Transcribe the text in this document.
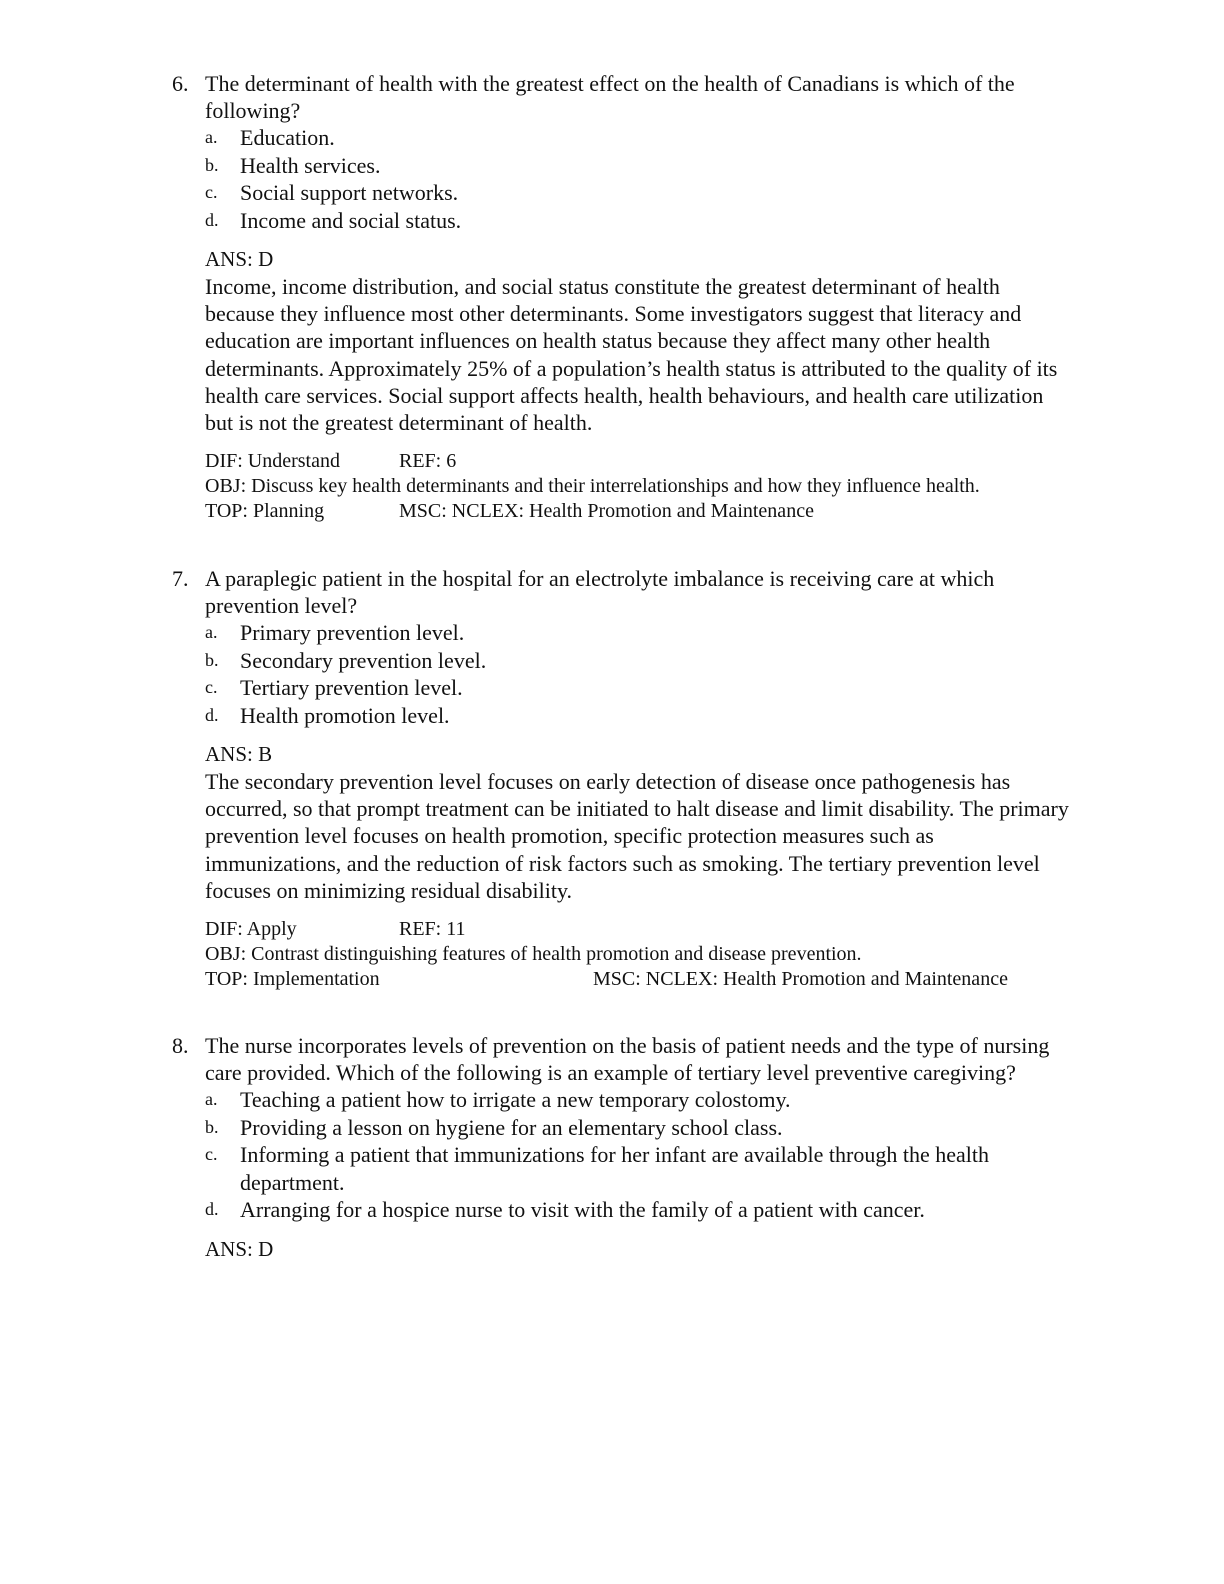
6. The determinant of health with the greatest effect on the health of Canadians is which of the following?

a. Education.
b. Health services.
c. Social support networks.
d. Income and social status.
ANS: D

Income, income distribution, and social status constitute the greatest determinant of health because they influence most other determinants. Some investigators suggest that literacy and education are important influences on health status because they affect many other health determinants. Approximately 25% of a population’s health status is attributed to the quality of its health care services. Social support affects health, health behaviours, and health care utilization but is not the greatest determinant of health.

DIF: Understand	REF: 6
OBJ: Discuss key health determinants and their interrelationships and how they influence health.
TOP: Planning	MSC: NCLEX: Health Promotion and Maintenance
7. A paraplegic patient in the hospital for an electrolyte imbalance is receiving care at which prevention level?

a. Primary prevention level.
b. Secondary prevention level.
c. Tertiary prevention level.
d. Health promotion level.
ANS: B

The secondary prevention level focuses on early detection of disease once pathogenesis has occurred, so that prompt treatment can be initiated to halt disease and limit disability. The primary prevention level focuses on health promotion, specific protection measures such as immunizations, and the reduction of risk factors such as smoking. The tertiary prevention level focuses on minimizing residual disability.

DIF: Apply	REF: 11
OBJ: Contrast distinguishing features of health promotion and disease prevention.
TOP: Implementation	MSC: NCLEX: Health Promotion and Maintenance
8. The nurse incorporates levels of prevention on the basis of patient needs and the type of nursing care provided. Which of the following is an example of tertiary level preventive caregiving?

a. Teaching a patient how to irrigate a new temporary colostomy.
b. Providing a lesson on hygiene for an elementary school class.
c. Informing a patient that immunizations for her infant are available through the health department.
d. Arranging for a hospice nurse to visit with the family of a patient with cancer.
ANS: D
